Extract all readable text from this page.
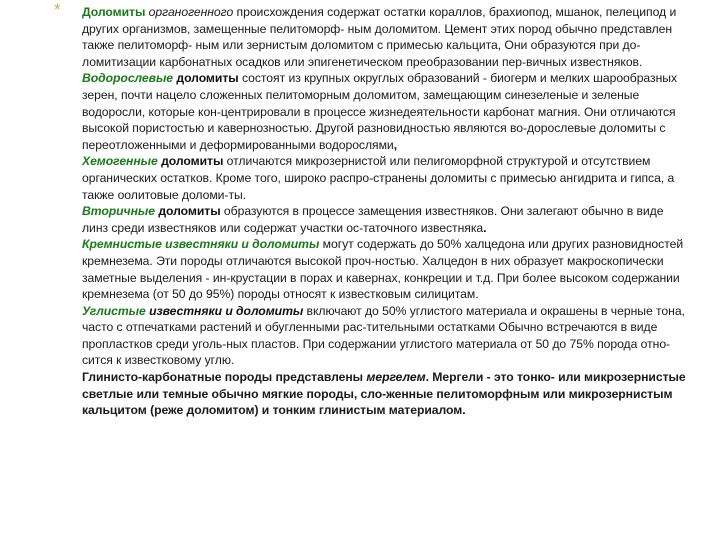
* Доломиты органогенного происхождения содержат остатки кораллов, брахиопод, мшанок, пелеципод и других организмов, замещенные пелитоморф- ным доломитом. Цемент этих пород обычно представлен также пелитоморф- ным или зернистым доломитом с примесью кальцита, Они образуются при до-ломитизации карбонатных осадков или эпигенетическом преобразовании пер-вичных известняков.

Водорослевые доломиты состоят из крупных округлых образований - биогерм и мелких шарообразных зерен, почти нацело сложенных пелитоморным доломитом, замещающим синезеленые и зеленые водоросли, которые кон-центрировали в процессе жизнедеятельности карбонат магния. Они отличаются высокой пористостью и кавернозностью. Другой разновидностью являются во-дорослевые доломиты с переотложенными и деформированными водорослями,

Хемогенные доломиты отличаются микрозернистой или пелигоморфной структурой и отсутствием органических остатков. Кроме того, широко распро-странены доломиты с примесью ангидрита и гипса, а также оолитовые доломи-ты.

Вторичные доломиты образуются в процессе замещения известняков. Они залегают обычно в виде линз среди известняков или содержат участки ос-таточного известняка.

Кремнистые известняки и доломиты могут содержать до 50% халцедона или других разновидностей кремнезема. Эти породы отличаются высокой проч-ностью. Халцедон в них образует макроскопически заметные выделения - ин-крустации в порах и кавернах, конкреции и т.д. При более высоком содержании кремнезема (от 50 до 95%) породы относят к известковым силицитам.

Углистые известняки и доломиты включают до 50% углистого материала и окрашены в черные тона, часто с отпечатками растений и обугленными рас-тительными остатками Обычно встречаются в виде пропластков среди уголь-ных пластов. При содержании углистого материала от 50 до 75% порода отно-сится к известковому углю.

Глинисто-карбонатные породы представлены мергелем. Мергели - это тонко- или микрозернистые светлые или темные обычно мягкие породы, сло-женные пелитоморфным или микрозернистым кальцитом (реже доломитом) и тонким глинистым материалом.
